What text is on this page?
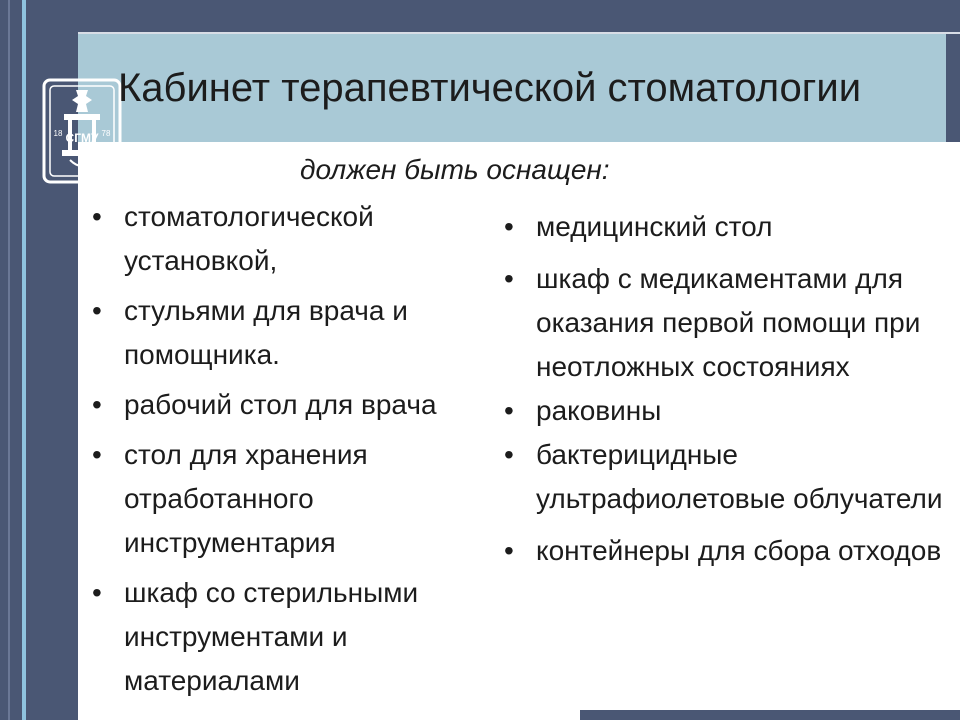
СГМУ
18	78
Кабинет терапевтической стоматологии
должен быть оснащен:
• стоматологической установкой,
• стульями для врача и помощника.
• рабочий стол для врача
• стол для хранения отработанного инструментария
• шкаф со стерильными инструментами и материалами
• медицинский стол
• шкаф с медикаментами для оказания первой помощи при неотложных состояниях
• раковины
• бактерицидные ультрафиолетовые облучатели
• контейнеры для сбора отходов
